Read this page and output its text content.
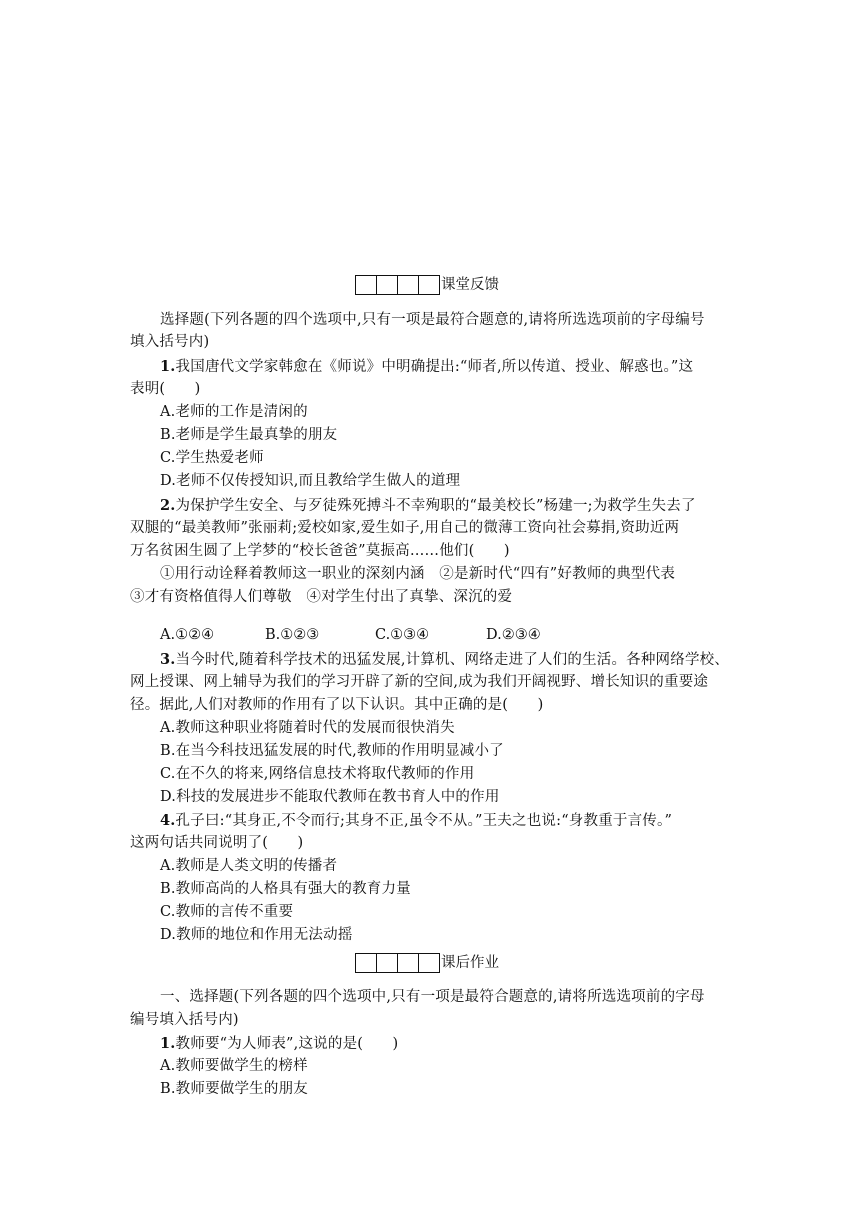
课堂反馈
选择题(下列各题的四个选项中,只有一项是最符合题意的,请将所选选项前的字母编号
填入括号内)
1.我国唐代文学家韩愈在《师说》中明确提出:“师者,所以传道、授业、解惑也。”这
表明(　　)
A.老师的工作是清闲的
B.老师是学生最真挚的朋友
C.学生热爱老师
D.老师不仅传授知识,而且教给学生做人的道理
2.为保护学生安全、与歹徒殊死搏斗不幸殉职的“最美校长”杨建一;为救学生失去了
双腿的“最美教师”张丽莉;爱校如家,爱生如子,用自己的微薄工资向社会募捐,资助近两
万名贫困生圆了上学梦的“校长爸爸”莫振高……他们(　　)
①用行动诠释着教师这一职业的深刻内涵　②是新时代“四有”好教师的典型代表
③才有资格值得人们尊敬　④对学生付出了真挚、深沉的爱
A.①②④	B.①②③	C.①③④	D.②③④
3.当今时代,随着科学技术的迅猛发展,计算机、网络走进了人们的生活。各种网络学校、
网上授课、网上辅导为我们的学习开辟了新的空间,成为我们开阔视野、增长知识的重要途
径。据此,人们对教师的作用有了以下认识。其中正确的是(　　)
A.教师这种职业将随着时代的发展而很快消失
B.在当今科技迅猛发展的时代,教师的作用明显减小了
C.在不久的将来,网络信息技术将取代教师的作用
D.科技的发展进步不能取代教师在教书育人中的作用
4.孔子曰:“其身正,不令而行;其身不正,虽令不从。”王夫之也说:“身教重于言传。”
这两句话共同说明了(　　)
A.教师是人类文明的传播者
B.教师高尚的人格具有强大的教育力量
C.教师的言传不重要
D.教师的地位和作用无法动摇
课后作业
一、选择题(下列各题的四个选项中,只有一项是最符合题意的,请将所选选项前的字母
编号填入括号内)
1.教师要“为人师表”,这说的是(　　)
A.教师要做学生的榜样
B.教师要做学生的朋友
